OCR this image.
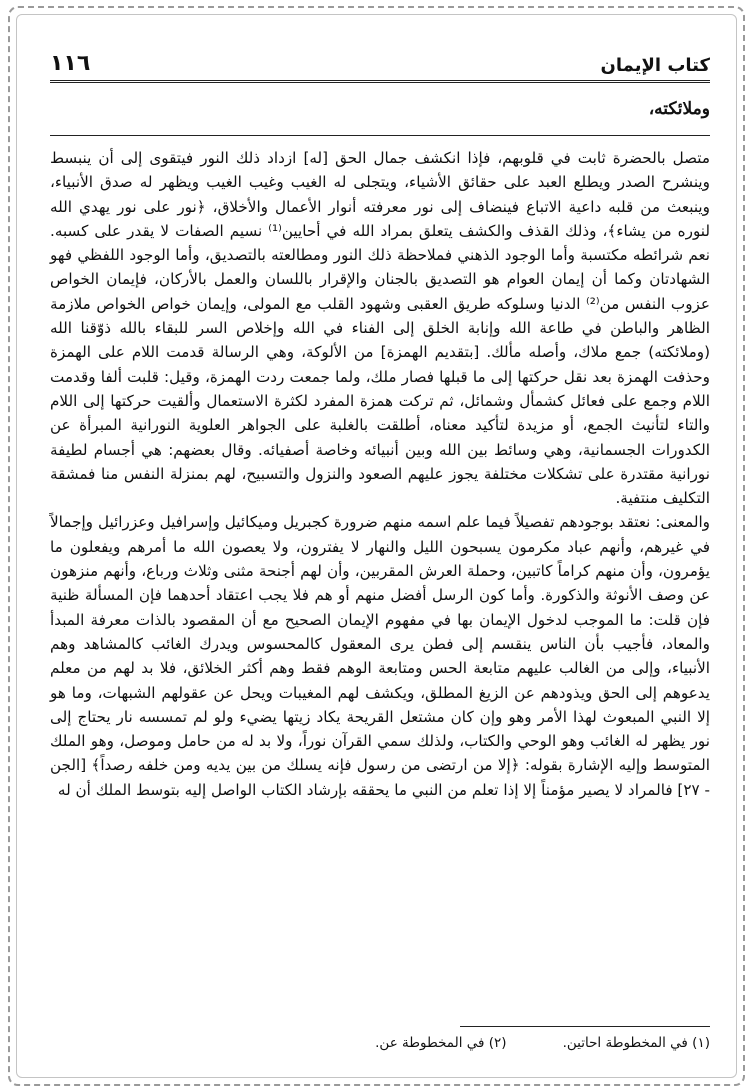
كتاب الإيمان
١١٦
وملائكته،

متصل بالحضرة ثابت في قلوبهم، فإذا انكشف جمال الحق [له] ازداد ذلك النور فيتقوى إلى أن ينبسط وينشرح الصدر ويطلع العبد على حقائق الأشياء، ويتجلى له الغيب وغيب الغيب ويظهر له صدق الأنبياء، وينبعث من قلبه داعية الاتباع فينضاف إلى نور معرفته أنوار الأعمال والأخلاق، ﴿نور على نور يهدي الله لنوره من يشاء﴾، وذلك القذف والكشف يتعلق بمراد الله في أحايين⁽¹⁾ نسيم الصفات لا يقدر على كسبه. نعم شرائطه مكتسبة وأما الوجود الذهني فملاحظة ذلك النور ومطالعته بالتصديق، وأما الوجود اللفظي فهو الشهادتان وكما أن إيمان العوام هو التصديق بالجنان والإقرار باللسان والعمل بالأركان، فإيمان الخواص عزوب النفس من⁽²⁾ الدنيا وسلوكه طريق العقبى وشهود القلب مع المولى، وإيمان خواص الخواص ملازمة الظاهر والباطن في طاعة الله وإنابة الخلق إلى الفناء في الله وإخلاص السر للبقاء بالله ذوّقنا الله (وملائكته) جمع ملاك، وأصله مألك. [بتقديم الهمزة] من الألوكة، وهي الرسالة قدمت اللام على الهمزة وحذفت الهمزة بعد نقل حركتها إلى ما قبلها فصار ملك، ولما جمعت ردت الهمزة، وقيل: قلبت ألفا وقدمت اللام وجمع على فعائل كشمأل وشمائل، ثم تركت همزة المفرد لكثرة الاستعمال وألقيت حركتها إلى اللام والتاء لتأنيث الجمع، أو مزيدة لتأكيد معناه، أطلقت بالغلبة على الجواهر العلوية النورانية المبرأة عن الكدورات الجسمانية، وهي وسائط بين الله وبين أنبيائه وخاصة أصفيائه. وقال بعضهم: هي أجسام لطيفة نورانية مقتدرة على تشكلات مختلفة يجوز عليهم الصعود والنزول والتسبيح، لهم بمنزلة النفس منا فمشقة التكليف منتفية.

والمعنى: نعتقد بوجودهم تفصيلاً فيما علم اسمه منهم ضرورة كجبريل وميكائيل وإسرافيل وعزرائيل وإجمالاً في غيرهم، وأنهم عباد مكرمون يسبحون الليل والنهار لا يفترون، ولا يعصون الله ما أمرهم ويفعلون ما يؤمرون، وأن منهم كراماً كاتبين، وحملة العرش المقربين، وأن لهم أجنحة مثنى وثلاث ورباع، وأنهم منزهون عن وصف الأنوثة والذكورة. وأما كون الرسل أفضل منهم أو هم فلا يجب اعتقاد أحدهما فإن المسألة ظنية فإن قلت: ما الموجب لدخول الإيمان بها في مفهوم الإيمان الصحيح مع أن المقصود بالذات معرفة المبدأ والمعاد، فأجيب بأن الناس ينقسم إلى فطن يرى المعقول كالمحسوس ويدرك الغائب كالمشاهد وهم الأنبياء، وإلى من الغالب عليهم متابعة الحس ومتابعة الوهم فقط وهم أكثر الخلائق، فلا بد لهم من معلم يدعوهم إلى الحق ويذودهم عن الزيغ المطلق، ويكشف لهم المغيبات ويحل عن عقولهم الشبهات، وما هو إلا النبي المبعوث لهذا الأمر وهو وإن كان مشتعل القريحة يكاد زيتها يضيء ولو لم تمسسه نار يحتاج إلى نور يظهر له الغائب وهو الوحي والكتاب، ولذلك سمي القرآن نوراً، ولا بد له من حامل وموصل، وهو الملك المتوسط وإليه الإشارة بقوله: ﴿إلا من ارتضى من رسول فإنه يسلك من بين يديه ومن خلفه رصداً﴾ [الجن - ٢٧] فالمراد لا يصير مؤمناً إلا إذا تعلم من النبي ما يحققه بإرشاد الكتاب الواصل إليه بتوسط الملك أن له

(١) في المخطوطة احاتين.
(٢) في المخطوطة عن.
